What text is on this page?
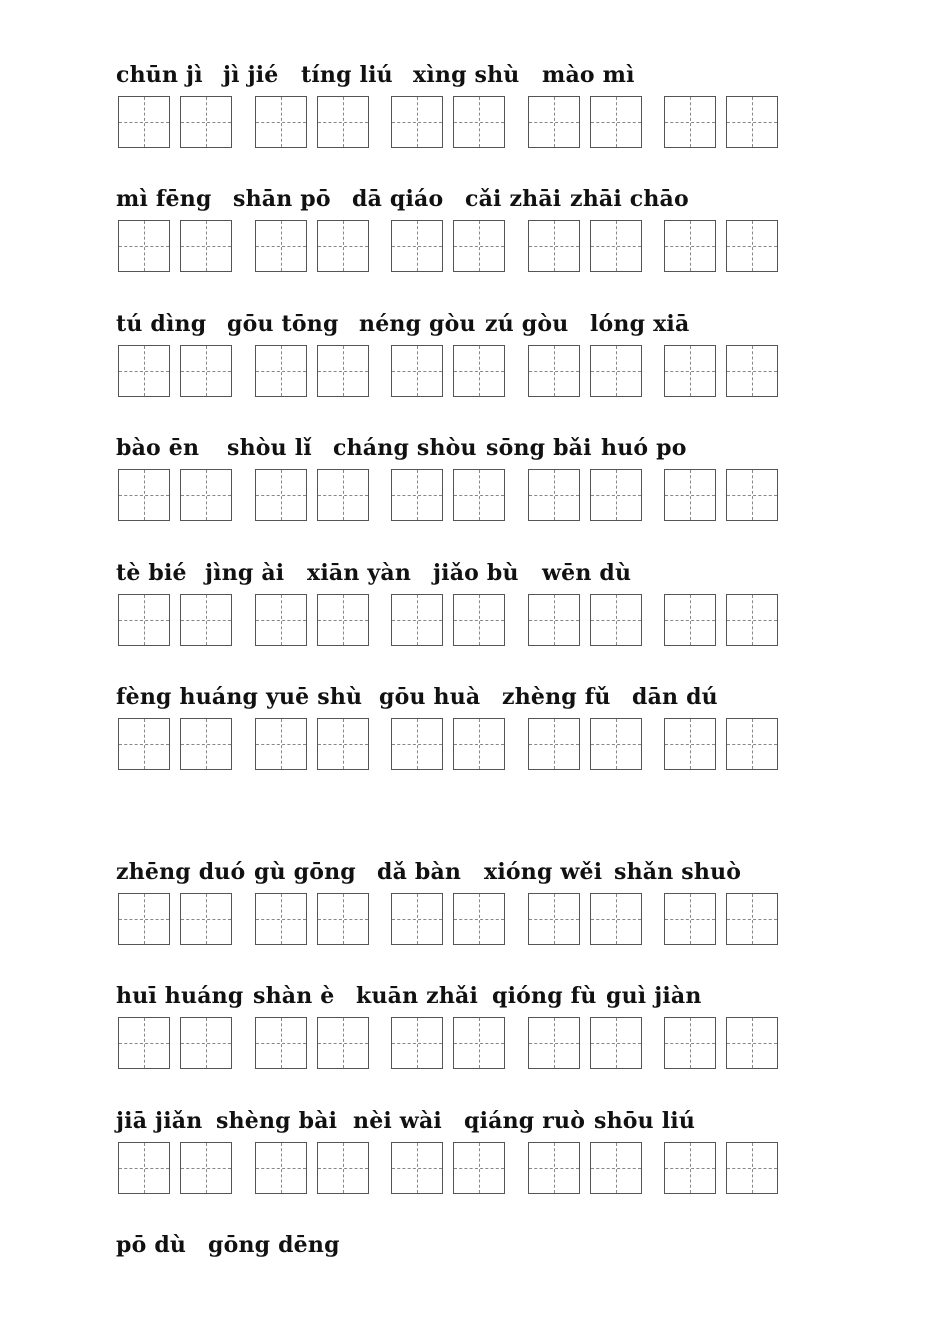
chūn jì jì jié tíng liú xìng shù mào mì
mì fēng shān pō dā qiáo cǎi zhāi zhāi chāo
tú dìng gōu tōng néng gòu zú gòu lóng xiā
bào ēn shòu lǐ cháng shòu sōng bǎi huó po
tè bié jìng ài xiān yàn jiǎo bù wēn dù
fèng huáng yuē shù gōu huà zhèng fǔ dān dú
zhēng duó gù gōng dǎ bàn xióng wěi shǎn shuò
huī huáng shàn è kuān zhǎi qióng fù guì jiàn
jiā jiǎn shèng bài nèi wài qiáng ruò shōu liú
pō dù gōng dēng
